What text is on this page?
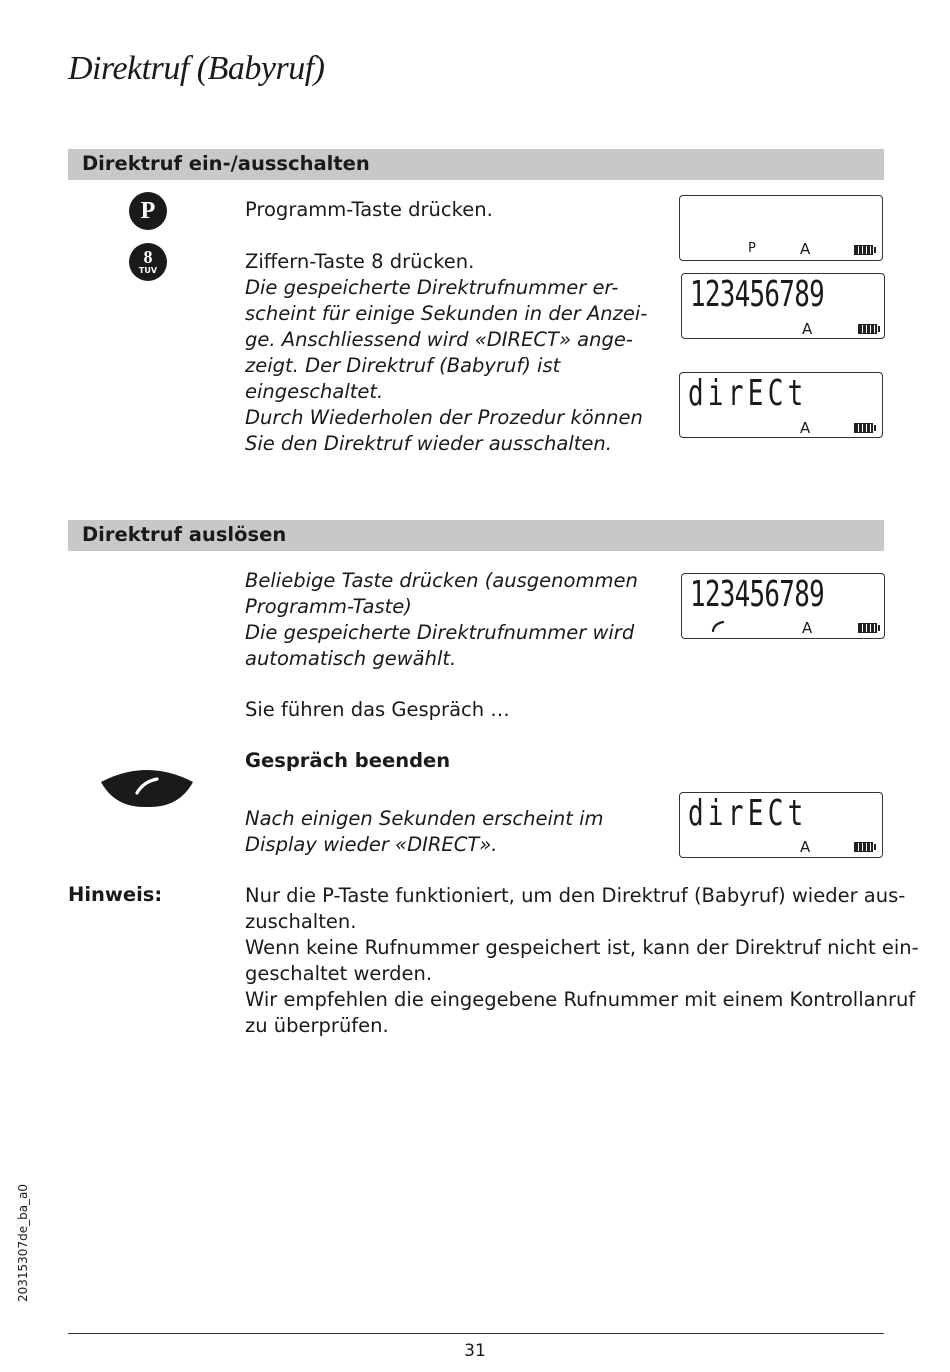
Direktruf (Babyruf)
Direktruf ein-/ausschalten
P
8
TUV
Programm-Taste drücken.
Ziffern-Taste 8 drücken.
Die gespeicherte Direktrufnummer er-
scheint für einige Sekunden in der Anzei-
ge. Anschliessend wird «DIRECT» ange-
zeigt. Der Direktruf (Babyruf) ist
eingeschaltet.
Durch Wiederholen der Prozedur können
Sie den Direktruf wieder ausschalten.
P	A
123456789
A
dirECt
A
Direktruf auslösen
Beliebige Taste drücken (ausgenommen
Programm-Taste)
Die gespeicherte Direktrufnummer wird
automatisch gewählt.
123456789
A
Sie führen das Gespräch …
Gespräch beenden
Nach einigen Sekunden erscheint im
Display wieder «DIRECT».
dirECt
A
Hinweis:	Nur die P-Taste funktioniert, um den Direktruf (Babyruf) wieder aus-
zuschalten.
Wenn keine Rufnummer gespeichert ist, kann der Direktruf nicht ein-
geschaltet werden.
Wir empfehlen die eingegebene Rufnummer mit einem Kontrollanruf
zu überprüfen.
20315307de_ba_a0
31
